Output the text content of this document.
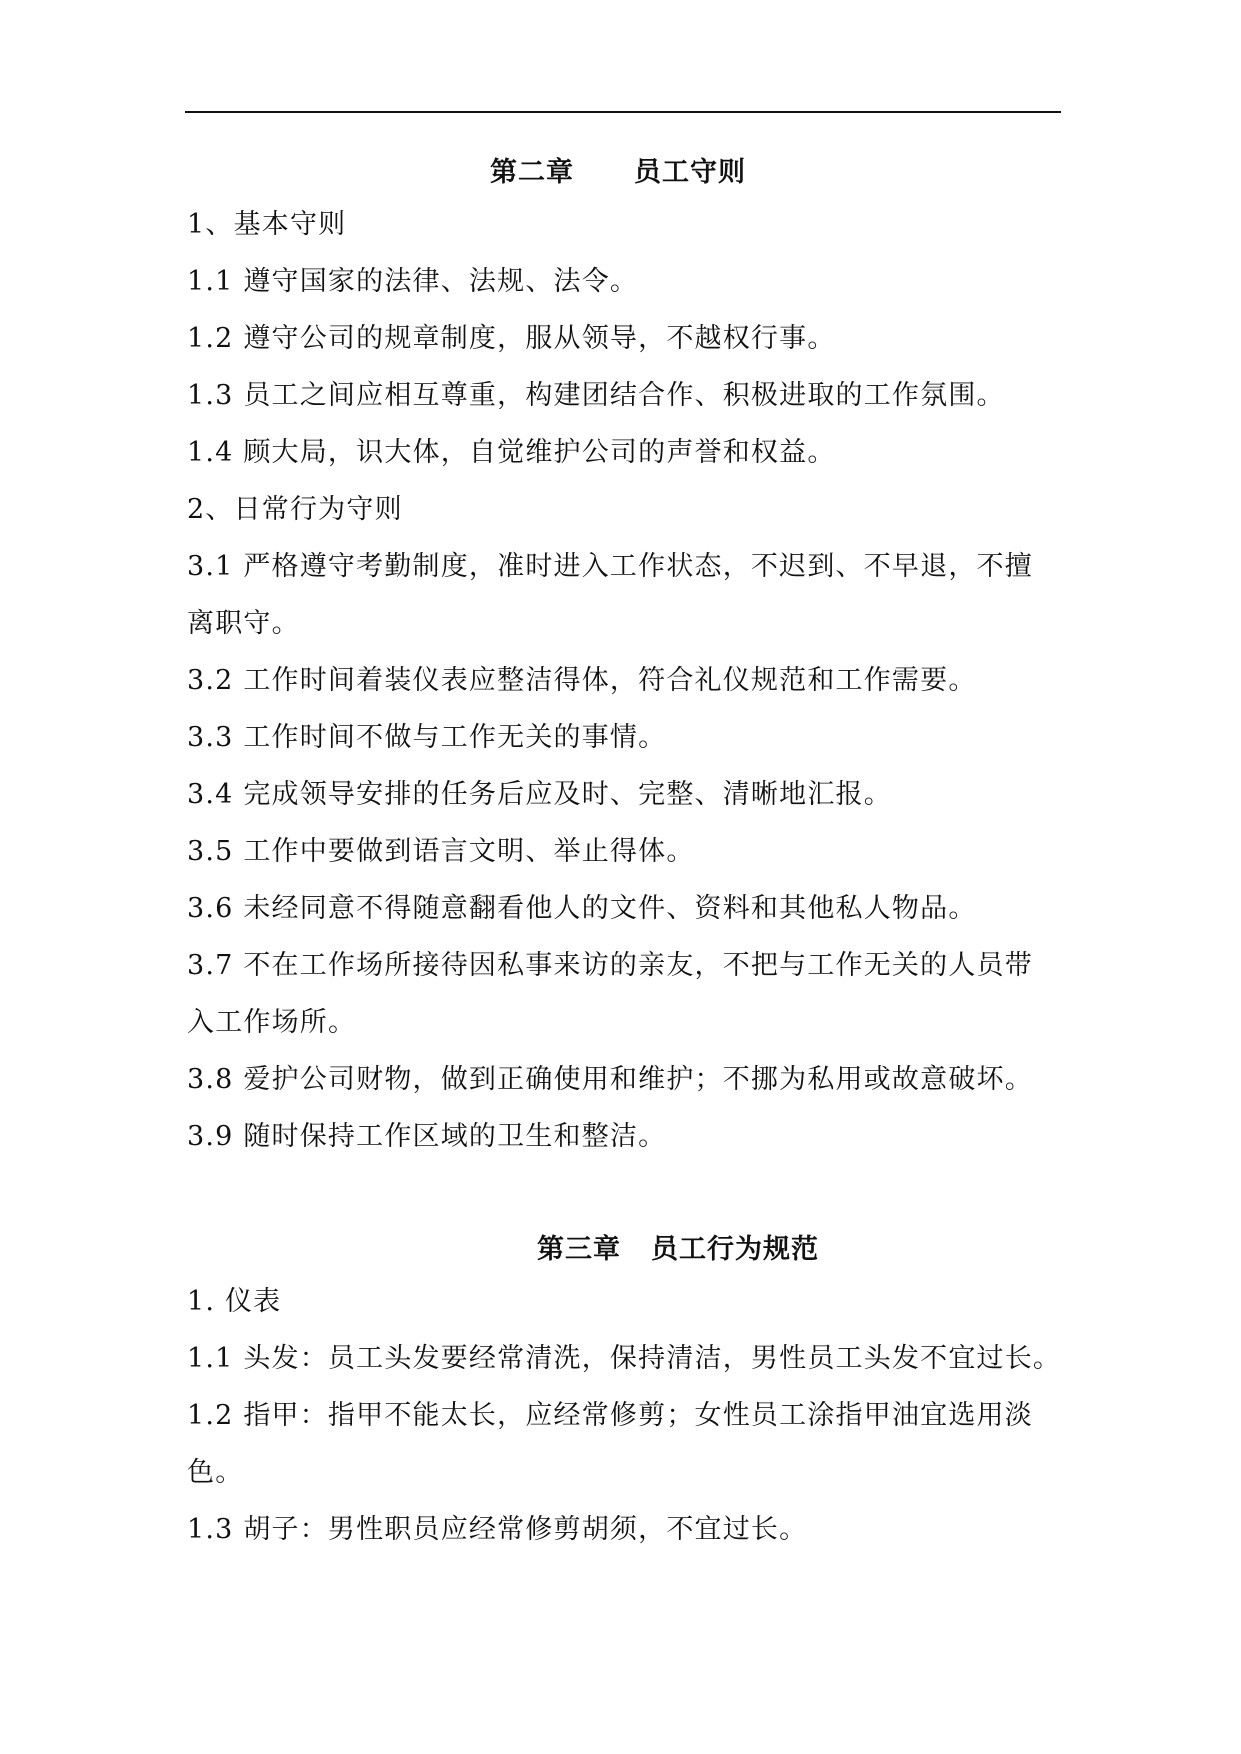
第二章 员工守则

1、基本守则

1.1 遵守国家的法律、法规、法令。

1.2 遵守公司的规章制度，服从领导，不越权行事。

1.3 员工之间应相互尊重，构建团结合作、积极进取的工作氛围。

1.4 顾大局，识大体，自觉维护公司的声誉和权益。

2、日常行为守则

3.1 严格遵守考勤制度，准时进入工作状态，不迟到、不早退，不擅

离职守。

3.2 工作时间着装仪表应整洁得体，符合礼仪规范和工作需要。

3.3 工作时间不做与工作无关的事情。

3.4 完成领导安排的任务后应及时、完整、清晰地汇报。

3.5 工作中要做到语言文明、举止得体。

3.6 未经同意不得随意翻看他人的文件、资料和其他私人物品。

3.7 不在工作场所接待因私事来访的亲友，不把与工作无关的人员带

入工作场所。

3.8 爱护公司财物，做到正确使用和维护；不挪为私用或故意破坏。

3.9 随时保持工作区域的卫生和整洁。

第三章 员工行为规范

1. 仪表

1.1 头发：员工头发要经常清洗，保持清洁，男性员工头发不宜过长。

1.2 指甲：指甲不能太长，应经常修剪；女性员工涂指甲油宜选用淡

色。

1.3 胡子：男性职员应经常修剪胡须，不宜过长。
